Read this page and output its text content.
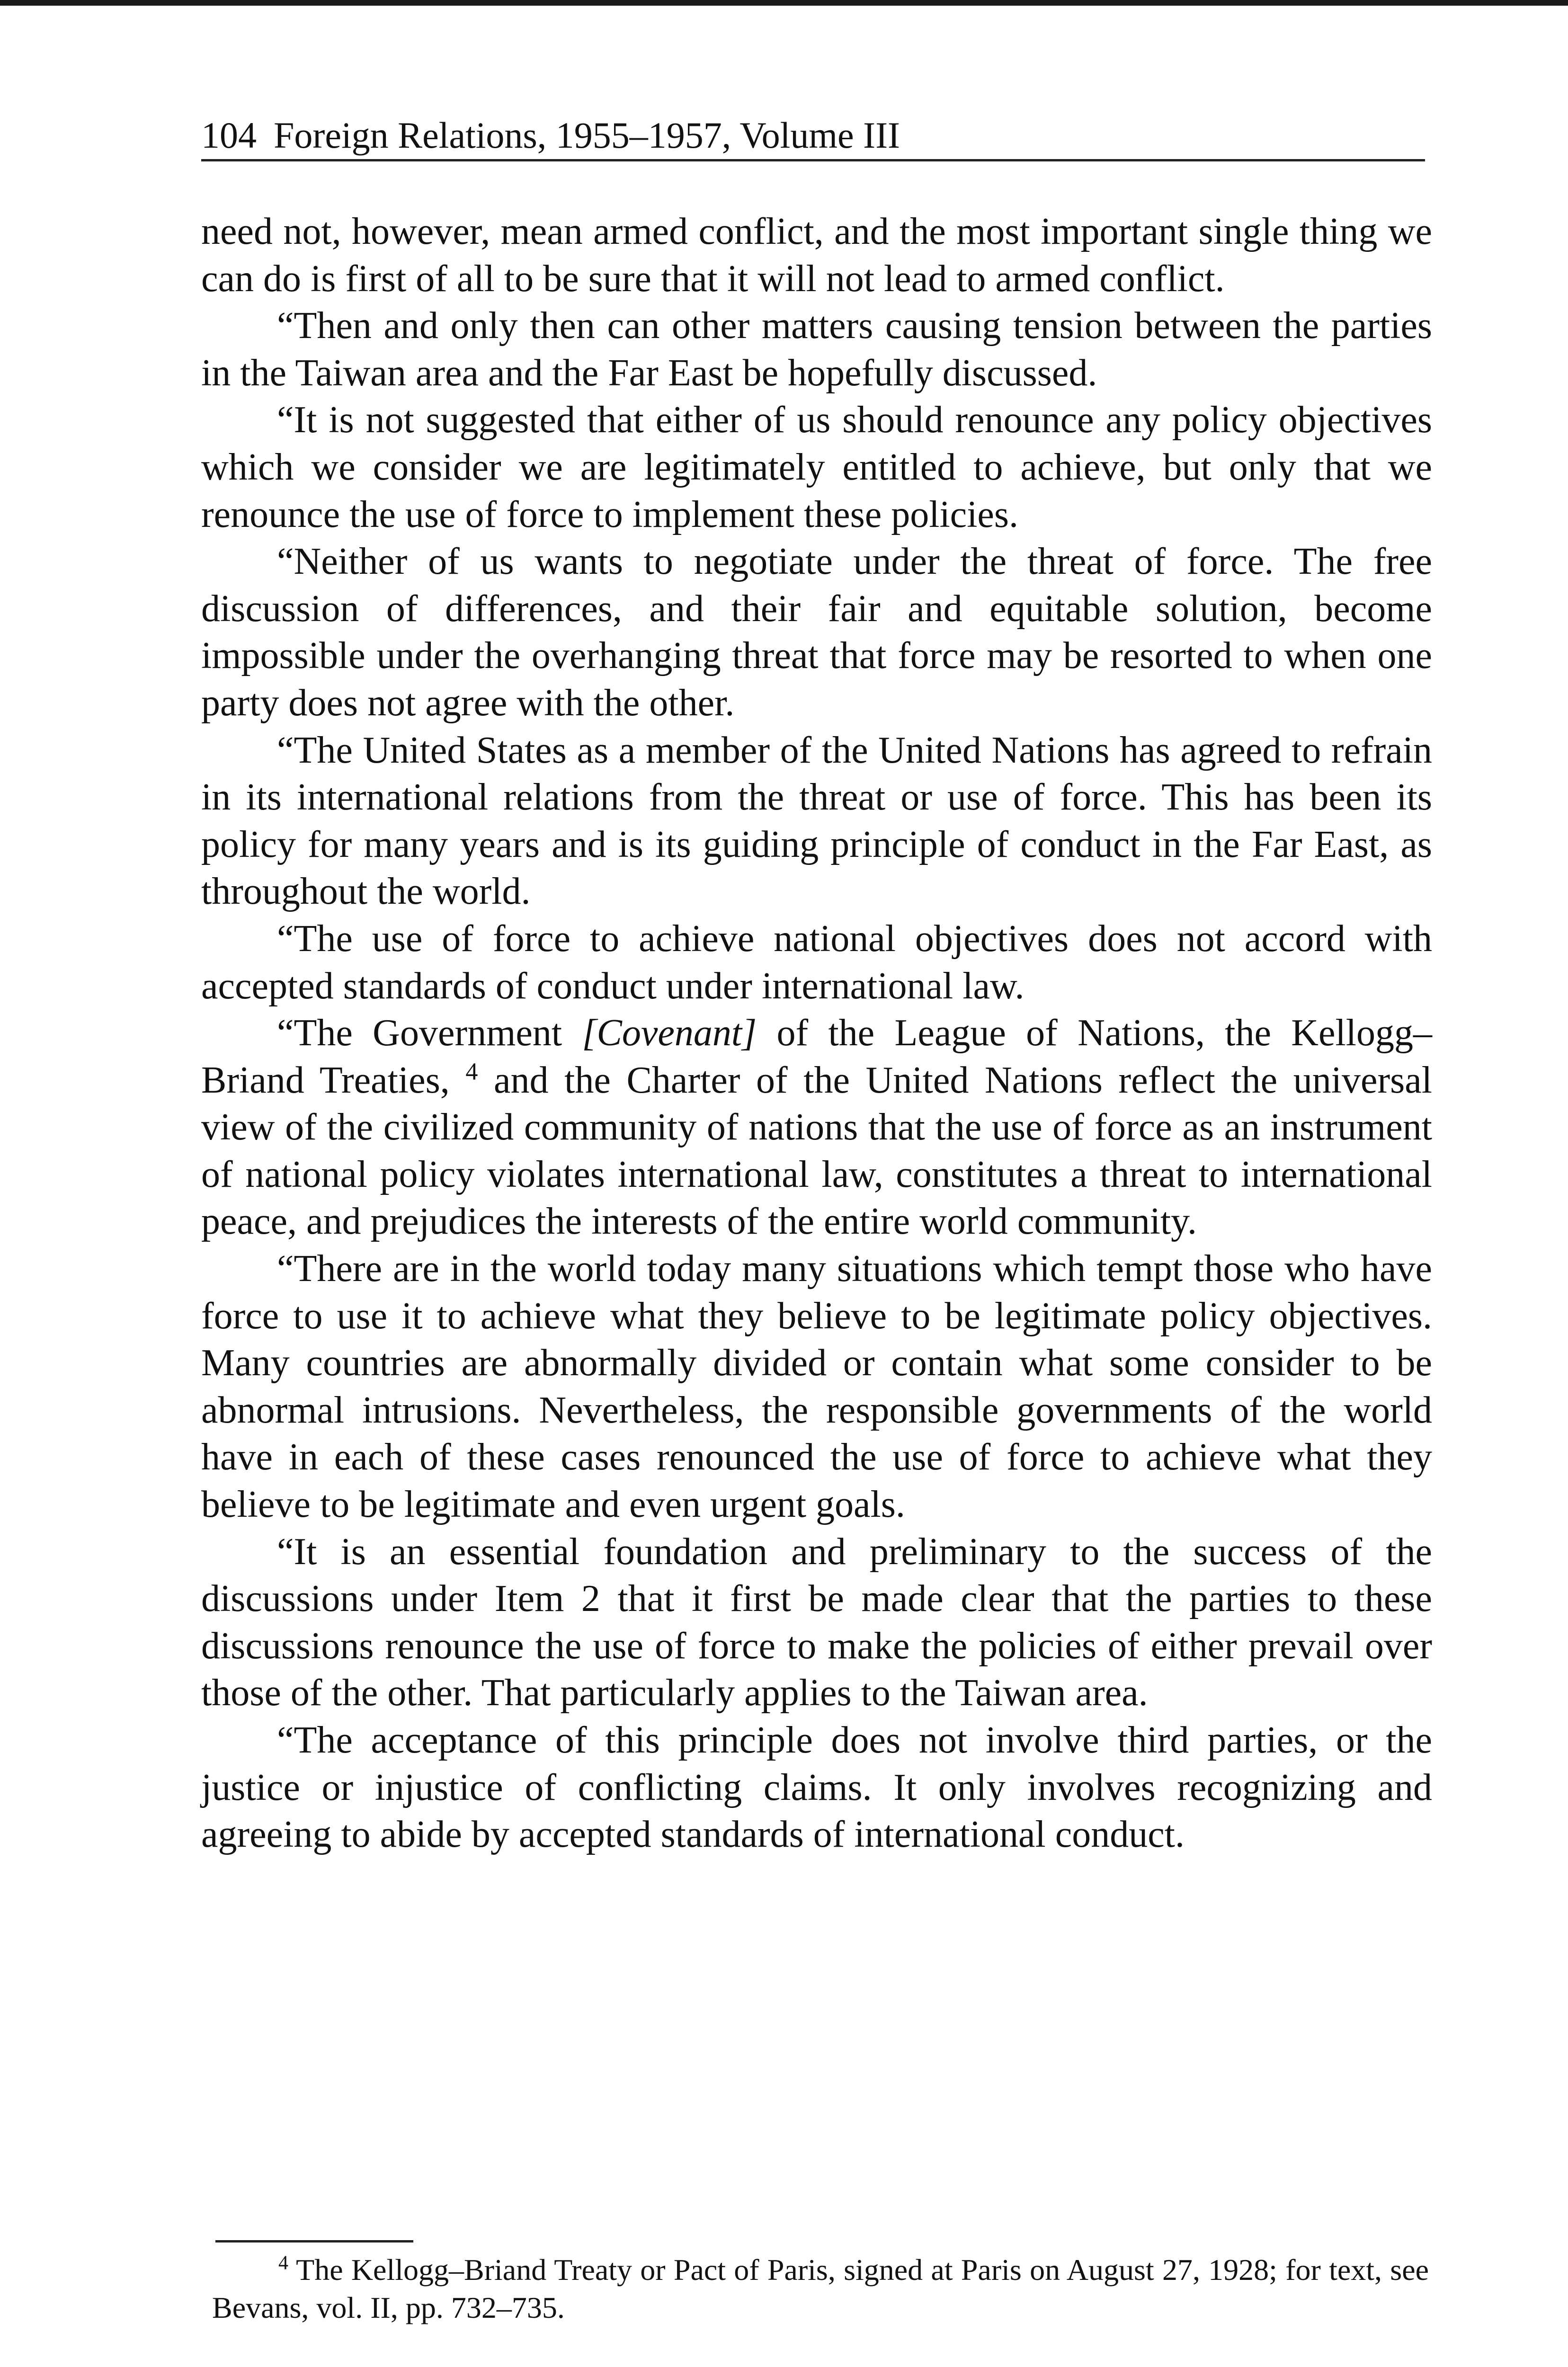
104 Foreign Relations, 1955–1957, Volume III

need not, however, mean armed conflict, and the most important single thing we can do is first of all to be sure that it will not lead to armed conflict.

“Then and only then can other matters causing tension between the parties in the Taiwan area and the Far East be hopefully discussed.

“It is not suggested that either of us should renounce any policy objectives which we consider we are legitimately entitled to achieve, but only that we renounce the use of force to implement these policies.

“Neither of us wants to negotiate under the threat of force. The free discussion of differences, and their fair and equitable solution, become impossible under the overhanging threat that force may be resorted to when one party does not agree with the other.

“The United States as a member of the United Nations has agreed to refrain in its international relations from the threat or use of force. This has been its policy for many years and is its guiding principle of conduct in the Far East, as throughout the world.

“The use of force to achieve national objectives does not accord with accepted standards of conduct under international law.

“The Government [Covenant] of the League of Nations, the Kellogg–Briand Treaties, $^4$ and the Charter of the United Nations reflect the universal view of the civilized community of nations that the use of force as an instrument of national policy violates international law, constitutes a threat to international peace, and prejudices the interests of the entire world community.

“There are in the world today many situations which tempt those who have force to use it to achieve what they believe to be legitimate policy objectives. Many countries are abnormally divided or contain what some consider to be abnormal intrusions. Nevertheless, the responsible governments of the world have in each of these cases renounced the use of force to achieve what they believe to be legitimate and even urgent goals.

“It is an essential foundation and preliminary to the success of the discussions under Item 2 that it first be made clear that the parties to these discussions renounce the use of force to make the policies of either prevail over those of the other. That particularly applies to the Taiwan area.

“The acceptance of this principle does not involve third parties, or the justice or injustice of conflicting claims. It only involves recognizing and agreeing to abide by accepted standards of international conduct.

$^4$ The Kellogg–Briand Treaty or Pact of Paris, signed at Paris on August 27, 1928; for text, see Bevans, vol. II, pp. 732–735.
